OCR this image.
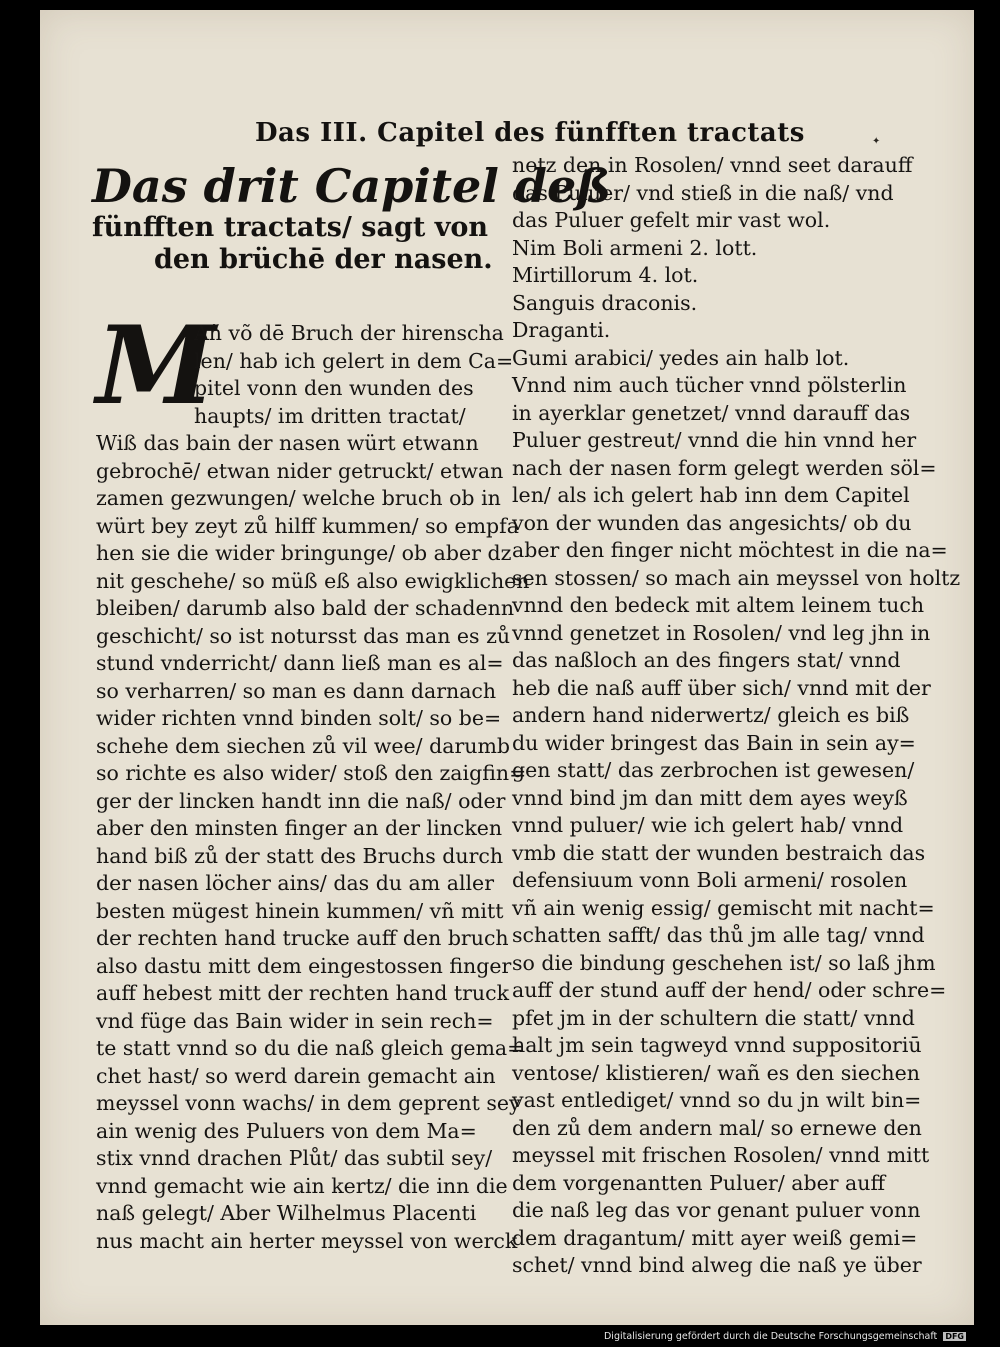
Das III. Capitel des fünfften tractats	✦
Das drit Capitel deß
fünfften tractats/ sagt von
den brüchē der nasen.
M
Añ võ dē Bruch der hirenscha
len/ hab ich gelert in dem Ca=
pitel vonn den wunden des
haupts/ im dritten tractat/
Wiß das bain der nasen würt etwann
gebrochē/ etwan nider getruckt/ etwan
zamen gezwungen/ welche bruch ob in
würt bey zeyt zů hilff kummen/ so empfa
hen sie die wider bringunge/ ob aber dz
nit geschehe/ so müß eß also ewigklichen
bleiben/ darumb also bald der schadenn
geschicht/ so ist notursst das man es zů
stund vnderricht/ dann ließ man es al=
so verharren/ so man es dann darnach
wider richten vnnd binden solt/ so be=
schehe dem siechen zů vil wee/ darumb
so richte es also wider/ stoß den zaigfin=
ger der lincken handt inn die naß/ oder
aber den minsten finger an der lincken
hand biß zů der statt des Bruchs durch
der nasen löcher ains/ das du am aller
besten mügest hinein kummen/ vñ mitt
der rechten hand trucke auff den bruch
also dastu mitt dem eingestossen finger
auff hebest mitt der rechten hand truck
vnd füge das Bain wider in sein rech=
te statt vnnd so du die naß gleich gema=
chet hast/ so werd darein gemacht ain
meyssel vonn wachs/ in dem geprent sey
ain wenig des Puluers von dem Ma=
stix vnnd drachen Plůt/ das subtil sey/
vnnd gemacht wie ain kertz/ die inn die
naß gelegt/ Aber Wilhelmus Placenti
nus macht ain herter meyssel von werck
netz den in Rosolen/ vnnd seet darauff
das Puluer/ vnd stieß in die naß/ vnd
das Puluer gefelt mir vast wol.
Nim Boli armeni 2. lott.
Mirtillorum 4. lot.
Sanguis draconis.
Draganti.
Gumi arabici/ yedes ain halb lot.
Vnnd nim auch tücher vnnd pölsterlin
in ayerklar genetzet/ vnnd darauff das
Puluer gestreut/ vnnd die hin vnnd her
nach der nasen form gelegt werden söl=
len/ als ich gelert hab inn dem Capitel
von der wunden das angesichts/ ob du
aber den finger nicht möchtest in die na=
sen stossen/ so mach ain meyssel von holtz
vnnd den bedeck mit altem leinem tuch
vnnd genetzet in Rosolen/ vnd leg jhn in
das naßloch an des fingers stat/ vnnd
heb die naß auff über sich/ vnnd mit der
andern hand niderwertz/ gleich es biß
du wider bringest das Bain in sein ay=
gen statt/ das zerbrochen ist gewesen/
vnnd bind jm dan mitt dem ayes weyß
vnnd puluer/ wie ich gelert hab/ vnnd
vmb die statt der wunden bestraich das
defensiuum vonn Boli armeni/ rosolen
vñ ain wenig essig/ gemischt mit nacht=
schatten safft/ das thů jm alle tag/ vnnd
so die bindung geschehen ist/ so laß jhm
auff der stund auff der hend/ oder schre=
pfet jm in der schultern die statt/ vnnd
halt jm sein tagweyd vnnd suppositoriū
ventose/ klistieren/ wañ es den siechen
vast entlediget/ vnnd so du jn wilt bin=
den zů dem andern mal/ so ernewe den
meyssel mit frischen Rosolen/ vnnd mitt
dem vorgenantten Puluer/ aber auff
die naß leg das vor genant puluer vonn
dem dragantum/ mitt ayer weiß gemi=
schet/ vnnd bind alweg die naß ye über
Digitalisierung gefördert durch die Deutsche Forschungsgemeinschaft DFG
